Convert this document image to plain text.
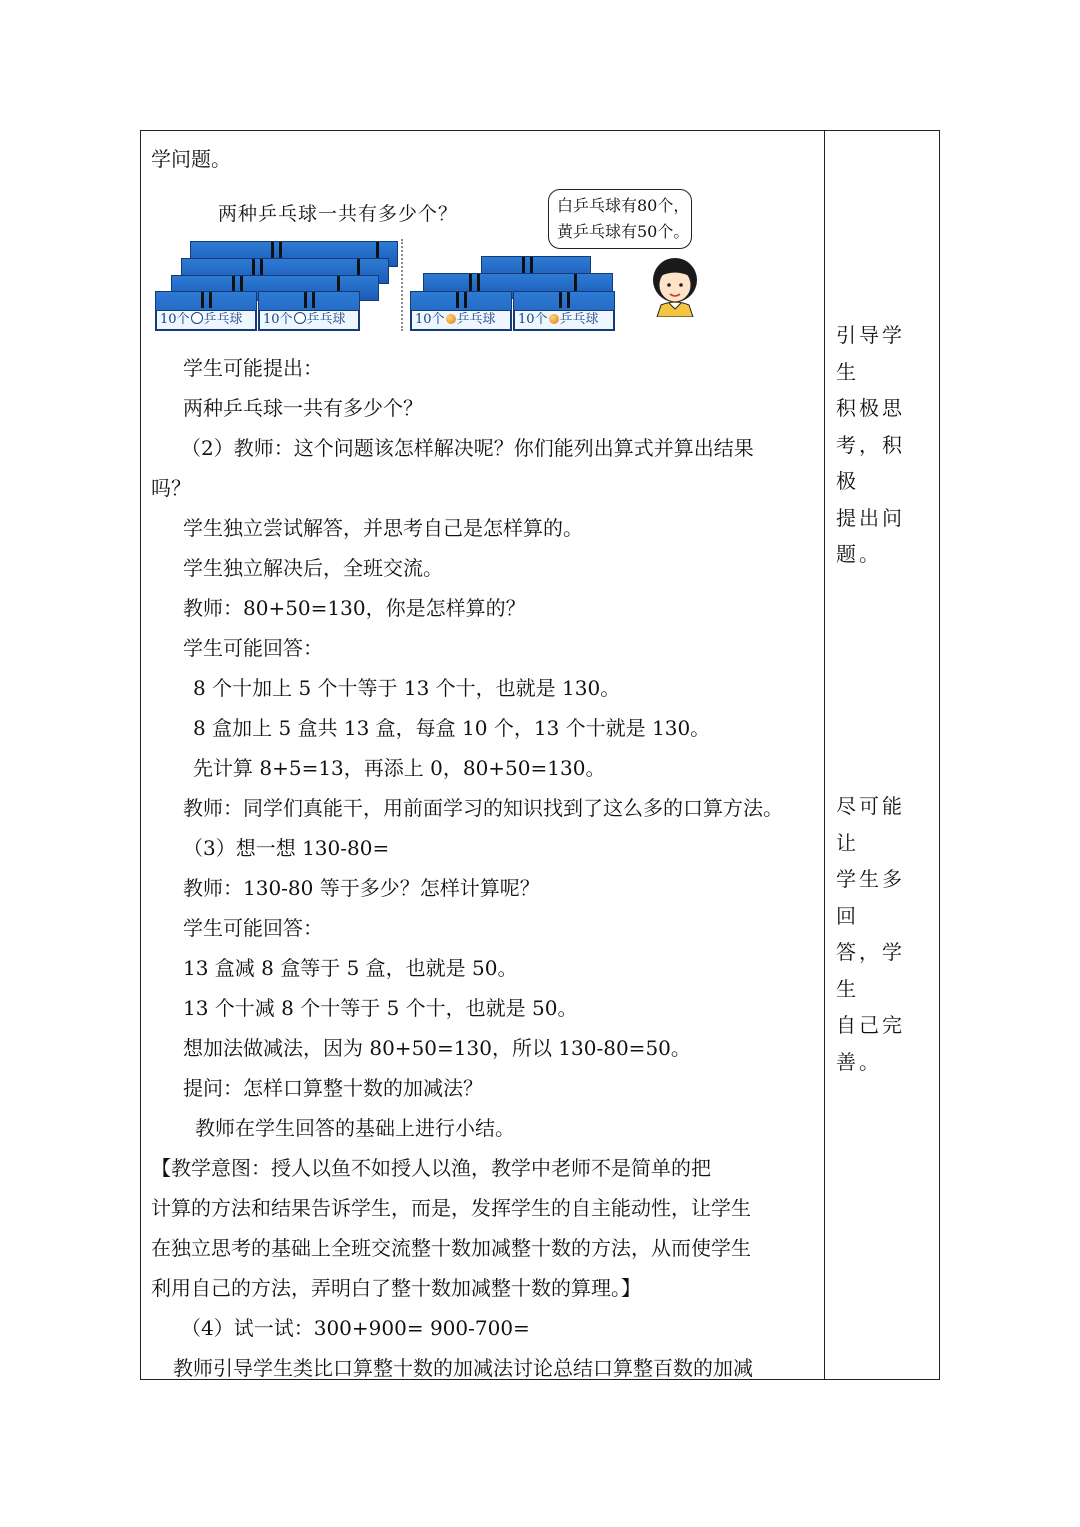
学问题。
两种乒乓球一共有多少个？
10个 乒乓球	10个 乒乓球	10个 乒乓球	10个 乒乓球
白乒乓球有80个，
黄乒乓球有50个。
学生可能提出：
两种乒乓球一共有多少个？
（2）教师：这个问题该怎样解决呢？你们能列出算式并算出结果
吗？
学生独立尝试解答，并思考自己是怎样算的。
学生独立解决后，全班交流。
教师：80+50=130，你是怎样算的？
学生可能回答：
8 个十加上 5 个十等于 13 个十，也就是 130。
8 盒加上 5 盒共 13 盒，每盒 10 个，13 个十就是 130。
先计算 8+5=13，再添上 0，80+50=130。
教师：同学们真能干，用前面学习的知识找到了这么多的口算方法。
（3）想一想 130-80=
教师：130-80 等于多少？怎样计算呢？
学生可能回答：
13 盒减 8 盒等于 5 盒，也就是 50。
13 个十减 8 个十等于 5 个十，也就是 50。
想加法做减法，因为 80+50=130，所以 130-80=50。
提问：怎样口算整十数的加减法？
教师在学生回答的基础上进行小结。
【教学意图：授人以鱼不如授人以渔，教学中老师不是简单的把
计算的方法和结果告诉学生，而是，发挥学生的自主能动性，让学生
在独立思考的基础上全班交流整十数加减整十数的方法，从而使学生
利用自己的方法，弄明白了整十数加减整十数的算理。】
（4）试一试：300+900= 900-700=
教师引导学生类比口算整十数的加减法讨论总结口算整百数的加减
引导学生
积极思
考，积极
提出问
题。
尽可能让
学生多回
答，学生
自己完
善。
